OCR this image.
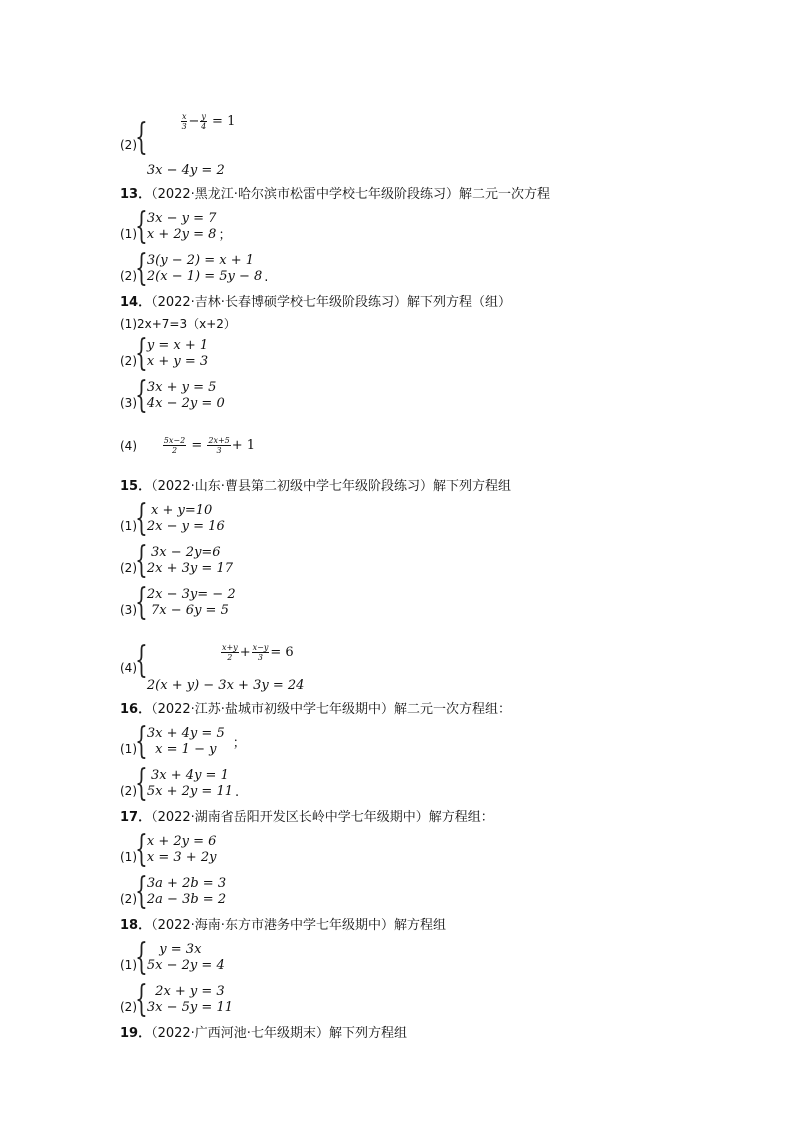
(2)
{

	$\frac{x}{3} - \frac{y}{4} = 1$

3x − 4y = 2

13．（2022·黑龙江·哈尔滨市松雷中学校七年级阶段练习）解二元一次方程

(1)
{ 3x − y = 7
x + 2y = 8 ；
(2)
{ 3(y − 2) = x + 1
2(x − 1) = 5y − 8 .

14．（2022·吉林·长春博硕学校七年级阶段练习）解下列方程（组）

(1) 2x+7=3（x+2）
(2)
{ y = x + 1
x + y = 3
(3)
{ 3x + y = 5
4x − 2y = 0
(4)

	$\frac{5x-2}{2} = \frac{2x+5}{3} + 1$

15．（2022·山东·曹县第二初级中学七年级阶段练习）解下列方程组

(1)
{ x + y=10
2x − y = 16
(2)
{ 3x − 2y=6
2x + 3y = 17
(3)
{ 2x − 3y= − 2
7x − 6y = 5
(4)
{

	$\frac{x+y}{2} + \frac{x-y}{3} = 6$

2(x + y) − 3x + 3y = 24

16．（2022·江苏·盐城市初级中学七年级期中）解二元一次方程组：

(1)
{ 3x + 4y = 5
x = 1 − y	；
(2)
{ 3x + 4y = 1
5x + 2y = 11 .

17．（2022·湖南省岳阳开发区长岭中学七年级期中）解方程组：

(1)
{ x + 2y = 6
x = 3 + 2y
(2)
{ 3a + 2b = 3
2a − 3b = 2

18．（2022·海南·东方市港务中学七年级期中）解方程组

(1)
{ y = 3x
5x − 2y = 4
(2)
{ 2x + y = 3
3x − 5y = 11

19．（2022·广西河池·七年级期末）解下列方程组
